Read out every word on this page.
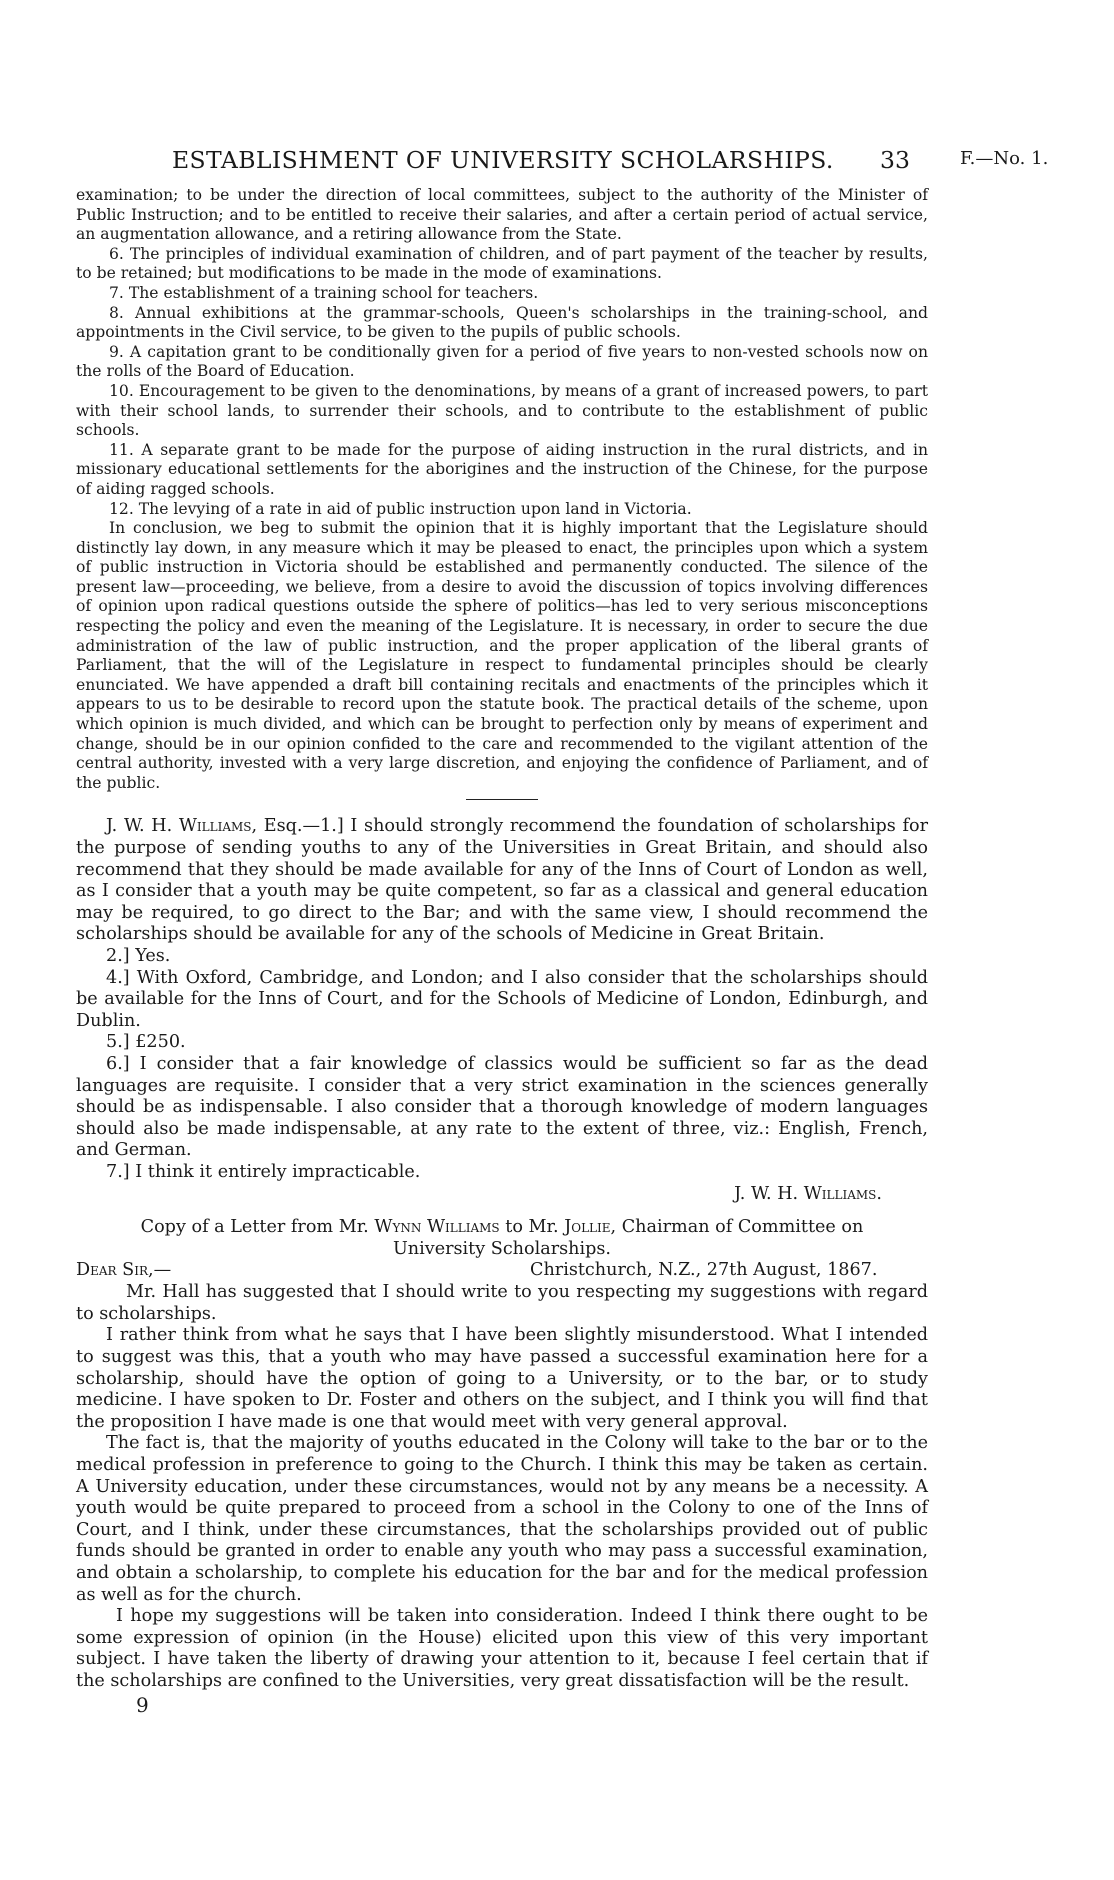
ESTABLISHMENT OF UNIVERSITY SCHOLARSHIPS. 33	F.—No. 1.

examination; to be under the direction of local committees, subject to the authority of the Minister of Public Instruction; and to be entitled to receive their salaries, and after a certain period of actual service, an augmentation allowance, and a retiring allowance from the State.

6. The principles of individual examination of children, and of part payment of the teacher by results, to be retained; but modifications to be made in the mode of examinations.

7. The establishment of a training school for teachers.

8. Annual exhibitions at the grammar-schools, Queen's scholarships in the training-school, and appointments in the Civil service, to be given to the pupils of public schools.

9. A capitation grant to be conditionally given for a period of five years to non-vested schools now on the rolls of the Board of Education.

10. Encouragement to be given to the denominations, by means of a grant of increased powers, to part with their school lands, to surrender their schools, and to contribute to the establishment of public schools.

11. A separate grant to be made for the purpose of aiding instruction in the rural districts, and in missionary educational settlements for the aborigines and the instruction of the Chinese, for the purpose of aiding ragged schools.

12. The levying of a rate in aid of public instruction upon land in Victoria.

In conclusion, we beg to submit the opinion that it is highly important that the Legislature should distinctly lay down, in any measure which it may be pleased to enact, the principles upon which a system of public instruction in Victoria should be established and permanently conducted. The silence of the present law—proceeding, we believe, from a desire to avoid the discussion of topics involving differences of opinion upon radical questions outside the sphere of politics—has led to very serious misconceptions respecting the policy and even the meaning of the Legislature. It is necessary, in order to secure the due administration of the law of public instruction, and the proper application of the liberal grants of Parliament, that the will of the Legislature in respect to fundamental principles should be clearly enunciated. We have appended a draft bill containing recitals and enactments of the principles which it appears to us to be desirable to record upon the statute book. The practical details of the scheme, upon which opinion is much divided, and which can be brought to perfection only by means of experiment and change, should be in our opinion confided to the care and recommended to the vigilant attention of the central authority, invested with a very large discretion, and enjoying the confidence of Parliament, and of the public.

J. W. H. Williams, Esq.—1.] I should strongly recommend the foundation of scholarships for the purpose of sending youths to any of the Universities in Great Britain, and should also recommend that they should be made available for any of the Inns of Court of London as well, as I consider that a youth may be quite competent, so far as a classical and general education may be required, to go direct to the Bar; and with the same view, I should recommend the scholarships should be available for any of the schools of Medicine in Great Britain.

2.] Yes.

4.] With Oxford, Cambridge, and London; and I also consider that the scholarships should be available for the Inns of Court, and for the Schools of Medicine of London, Edinburgh, and Dublin.

5.] £250.

6.] I consider that a fair knowledge of classics would be sufficient so far as the dead languages are requisite. I consider that a very strict examination in the sciences generally should be as indispensable. I also consider that a thorough knowledge of modern languages should also be made indispensable, at any rate to the extent of three, viz.: English, French, and German.

7.] I think it entirely impracticable.

J. W. H. Williams.

Copy of a Letter from Mr. Wynn Williams to Mr. Jollie, Chairman of Committee on University Scholarships.

Dear Sir,—	Christchurch, N.Z., 27th August, 1867.

Mr. Hall has suggested that I should write to you respecting my suggestions with regard to scholarships.

I rather think from what he says that I have been slightly misunderstood. What I intended to suggest was this, that a youth who may have passed a successful examination here for a scholarship, should have the option of going to a University, or to the bar, or to study medicine. I have spoken to Dr. Foster and others on the subject, and I think you will find that the proposition I have made is one that would meet with very general approval.

The fact is, that the majority of youths educated in the Colony will take to the bar or to the medical profession in preference to going to the Church. I think this may be taken as certain. A University education, under these circumstances, would not by any means be a necessity. A youth would be quite prepared to proceed from a school in the Colony to one of the Inns of Court, and I think, under these circumstances, that the scholarships provided out of public funds should be granted in order to enable any youth who may pass a successful examination, and obtain a scholarship, to complete his education for the bar and for the medical profession as well as for the church.

I hope my suggestions will be taken into consideration. Indeed I think there ought to be some expression of opinion (in the House) elicited upon this view of this very important subject. I have taken the liberty of drawing your attention to it, because I feel certain that if the scholarships are confined to the Universities, very great dissatisfaction will be the result.

9
